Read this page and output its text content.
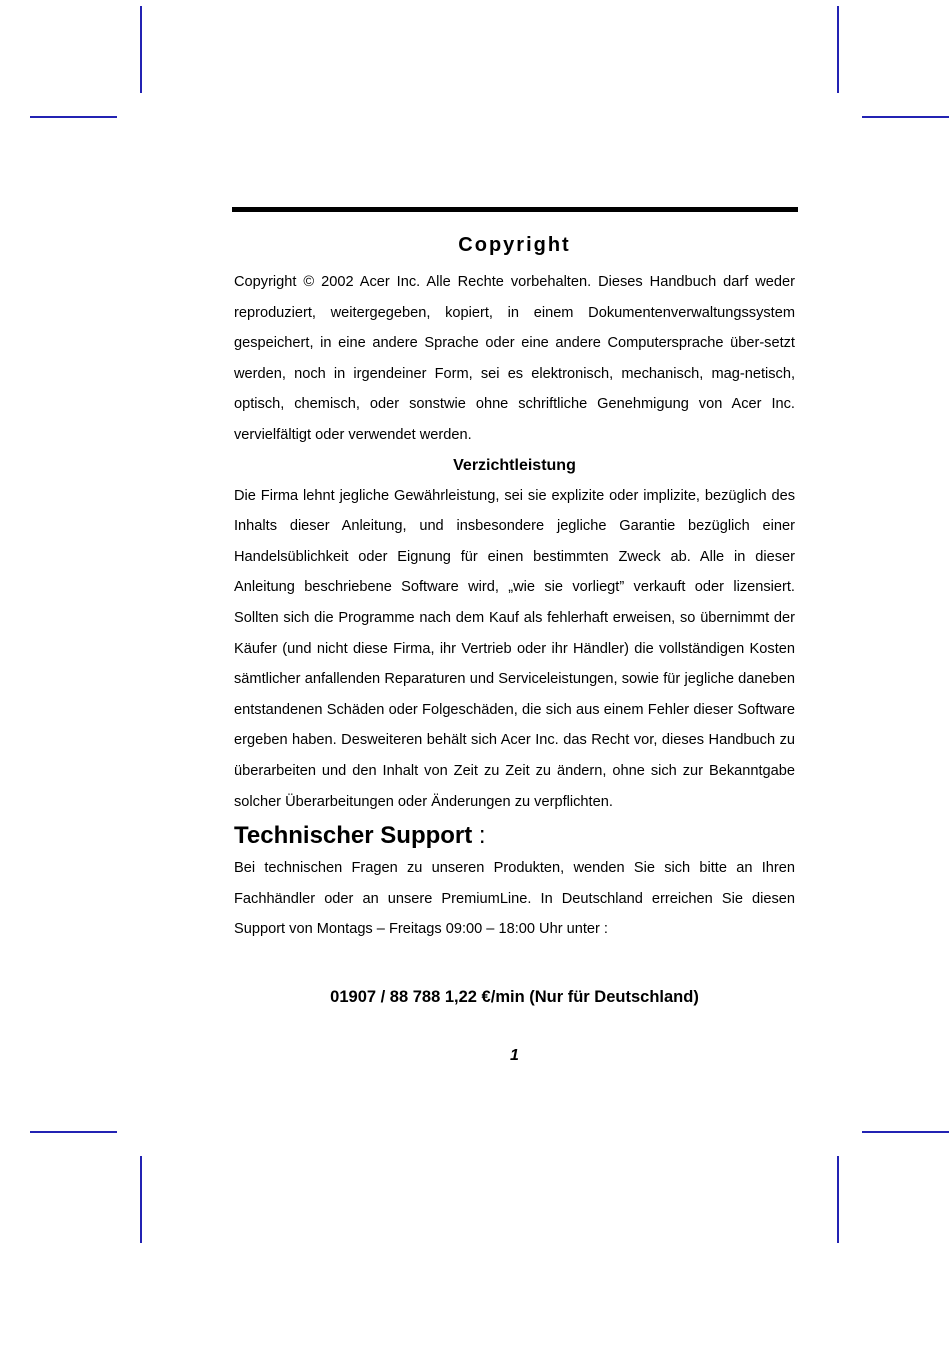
Copyright

Copyright © 2002 Acer Inc. Alle Rechte vorbehalten. Dieses Handbuch darf weder reproduziert, weitergegeben, kopiert, in einem Dokumentenverwaltungssystem gespeichert, in eine andere Sprache oder eine andere Computersprache über-setzt werden, noch in irgendeiner Form, sei es elektronisch, mechanisch, mag-netisch, optisch, chemisch, oder sonstwie ohne schriftliche Genehmigung von Acer Inc. vervielfältigt oder verwendet werden.

Verzichtleistung

Die Firma lehnt jegliche Gewährleistung, sei sie explizite oder implizite, bezüglich des Inhalts dieser Anleitung, und insbesondere jegliche Garantie bezüglich einer Handelsüblichkeit oder Eignung für einen bestimmten Zweck ab. Alle in dieser Anleitung beschriebene Software wird, „wie sie vorliegt” verkauft oder lizensiert. Sollten sich die Programme nach dem Kauf als fehlerhaft erweisen, so übernimmt der Käufer (und nicht diese Firma, ihr Vertrieb oder ihr Händler) die vollständigen Kosten sämtlicher anfallenden Reparaturen und Serviceleistungen, sowie für jegliche daneben entstandenen Schäden oder Folgeschäden, die sich aus einem Fehler dieser Software ergeben haben. Desweiteren behält sich Acer Inc. das Recht vor, dieses Handbuch zu überarbeiten und den Inhalt von Zeit zu Zeit zu ändern, ohne sich zur Bekanntgabe solcher Überarbeitungen oder Änderungen zu verpflichten.

Technischer Support :

Bei technischen Fragen zu unseren Produkten, wenden Sie sich bitte an Ihren Fachhändler oder an unsere PremiumLine. In Deutschland erreichen Sie diesen Support von Montags – Freitags 09:00 – 18:00 Uhr unter :

01907 / 88 788 1,22 €/min (Nur für Deutschland)
1
